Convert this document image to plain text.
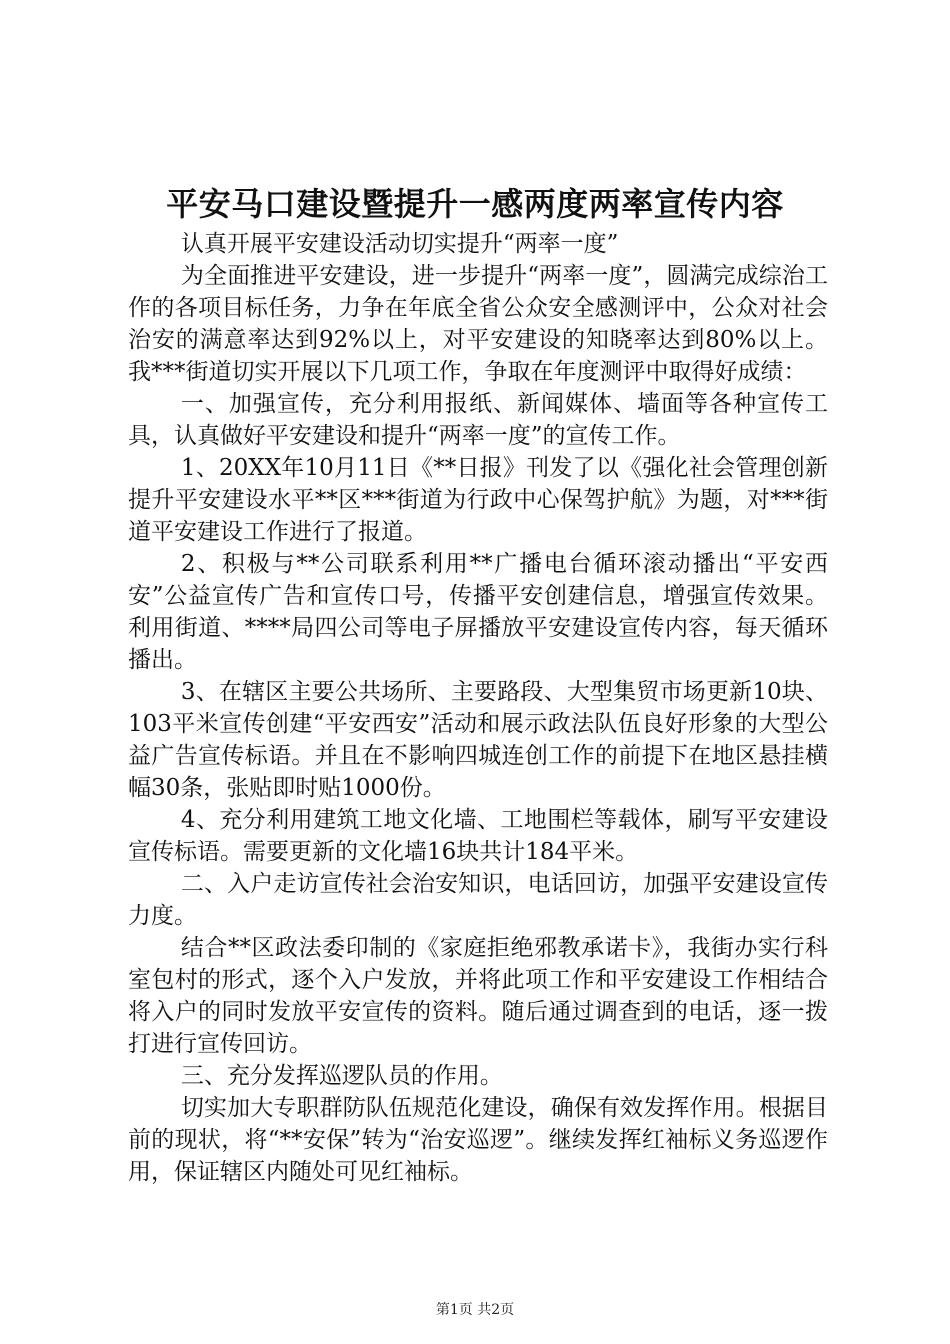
平安马口建设暨提升一感两度两率宣传内容

认真开展平安建设活动切实提升“两率一度”

为全面推进平安建设，进一步提升“两率一度”，圆满完成综治工作的各项目标任务，力争在年底全省公众安全感测评中，公众对社会治安的满意率达到92%以上，对平安建设的知晓率达到80%以上。我***街道切实开展以下几项工作，争取在年度测评中取得好成绩：

一、加强宣传，充分利用报纸、新闻媒体、墙面等各种宣传工具，认真做好平安建设和提升“两率一度”的宣传工作。

1、20XX年10月11日《**日报》刊发了以《强化社会管理创新提升平安建设水平**区***街道为行政中心保驾护航》为题，对***街道平安建设工作进行了报道。

2、积极与**公司联系利用**广播电台循环滚动播出“平安西安”公益宣传广告和宣传口号，传播平安创建信息，增强宣传效果。利用街道、****局四公司等电子屏播放平安建设宣传内容，每天循环播出。

3、在辖区主要公共场所、主要路段、大型集贸市场更新10块、103平米宣传创建“平安西安”活动和展示政法队伍良好形象的大型公益广告宣传标语。并且在不影响四城连创工作的前提下在地区悬挂横幅30条，张贴即时贴1000份。

4、充分利用建筑工地文化墙、工地围栏等载体，刷写平安建设宣传标语。需要更新的文化墙16块共计184平米。

二、入户走访宣传社会治安知识，电话回访，加强平安建设宣传力度。

结合**区政法委印制的《家庭拒绝邪教承诺卡》，我街办实行科室包村的形式，逐个入户发放，并将此项工作和平安建设工作相结合将入户的同时发放平安宣传的资料。随后通过调查到的电话，逐一拨打进行宣传回访。

三、充分发挥巡逻队员的作用。

切实加大专职群防队伍规范化建设，确保有效发挥作用。根据目前的现状，将“**安保”转为“治安巡逻”。继续发挥红袖标义务巡逻作用，保证辖区内随处可见红袖标。

第1页 共2页
